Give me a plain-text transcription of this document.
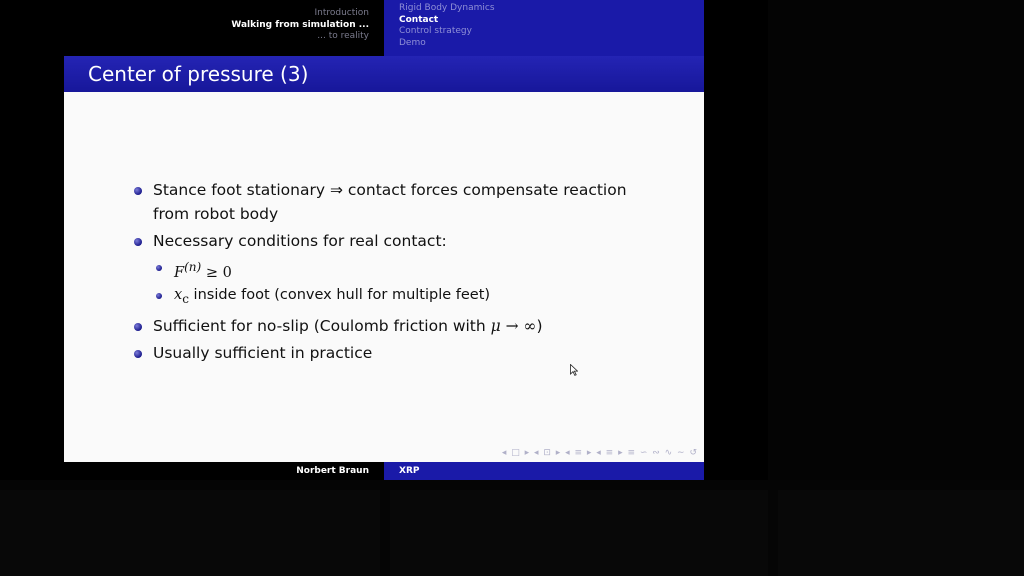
Introduction
Walking from simulation ...
... to reality
Rigid Body Dynamics
Contact
Control strategy
Demo
Center of pressure (3)
Stance foot stationary ⇒ contact forces compensate reaction from robot body
Necessary conditions for real contact:
$F^{(n)} \ge 0$
$x_c$ inside foot (convex hull for multiple feet)
Sufficient for no-slip (Coulomb friction with μ → ∞)
Usually sufficient in practice
◂ □ ▸ ◂ ⊡ ▸ ◂ ≡ ▸ ◂ ≡ ▸ ≡ ∽ ∾ ∿ ∼ ↺
Norbert Braun	XRP
